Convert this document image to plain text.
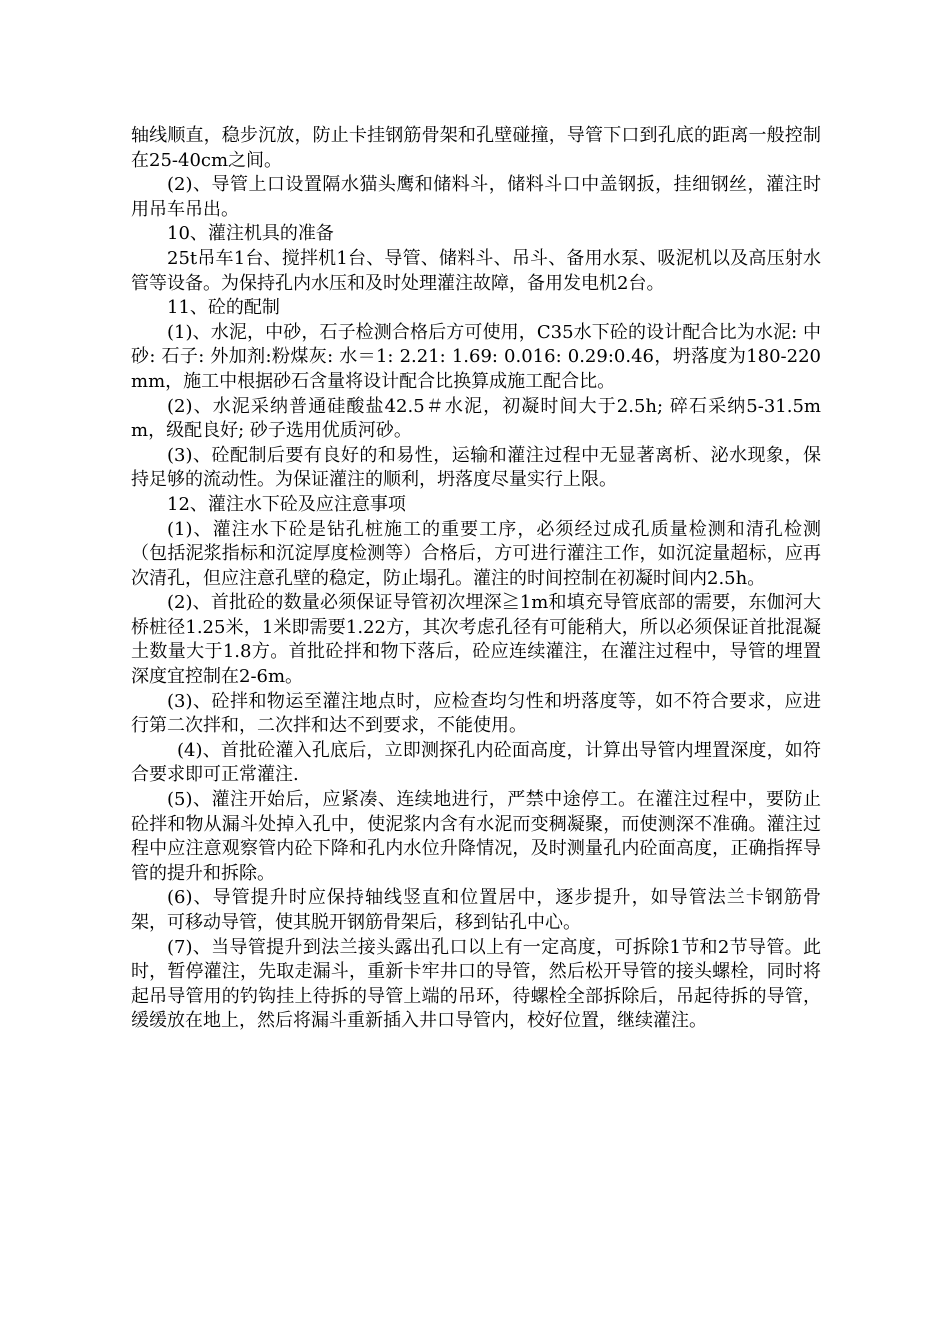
轴线顺直，稳步沉放，防止卡挂钢筋骨架和孔壁碰撞，导管下口到孔底的距离一般控制在25-40cm之间。

(2)、导管上口设置隔水猫头鹰和储料斗，储料斗口中盖钢扳，挂细钢丝，灌注时用吊车吊出。

10、灌注机具的准备

25t吊车1台、搅拌机1台、导管、储料斗、吊斗、备用水泵、吸泥机以及高压射水管等设备。为保持孔内水压和及时处理灌注故障，备用发电机2台。

11、砼的配制

(1)、水泥，中砂，石子检测合格后方可使用，C35水下砼的设计配合比为水泥: 中砂: 石子: 外加剂:粉煤灰: 水＝1: 2.21: 1.69: 0.016: 0.29:0.46，坍落度为180-220mm，施工中根据砂石含量将设计配合比换算成施工配合比。

(2)、水泥采纳普通硅酸盐42.5＃水泥，初凝时间大于2.5h; 碎石采纳5-31.5mm，级配良好; 砂子选用优质河砂。

(3)、砼配制后要有良好的和易性，运输和灌注过程中无显著离析、泌水现象，保持足够的流动性。为保证灌注的顺利，坍落度尽量实行上限。

12、灌注水下砼及应注意事项

(1)、灌注水下砼是钻孔桩施工的重要工序，必须经过成孔质量检测和清孔检测（包括泥浆指标和沉淀厚度检测等）合格后，方可进行灌注工作，如沉淀量超标，应再次清孔，但应注意孔壁的稳定，防止塌孔。灌注的时间控制在初凝时间内2.5h。

(2)、首批砼的数量必须保证导管初次埋深≧1m和填充导管底部的需要，东伽河大桥桩径1.25米，1米即需要1.22方，其次考虑孔径有可能稍大，所以必须保证首批混凝土数量大于1.8方。首批砼拌和物下落后，砼应连续灌注，在灌注过程中，导管的埋置深度宜控制在2-6m。

(3)、砼拌和物运至灌注地点时，应检查均匀性和坍落度等，如不符合要求，应进行第二次拌和，二次拌和达不到要求，不能使用。

(4)、首批砼灌入孔底后，立即测探孔内砼面高度，计算出导管内埋置深度，如符合要求即可正常灌注.

(5)、灌注开始后，应紧凑、连续地进行，严禁中途停工。在灌注过程中，要防止砼拌和物从漏斗处掉入孔中，使泥浆内含有水泥而变稠凝聚，而使测深不准确。灌注过程中应注意观察管内砼下降和孔内水位升降情况，及时测量孔内砼面高度，正确指挥导管的提升和拆除。

(6)、导管提升时应保持轴线竖直和位置居中，逐步提升，如导管法兰卡钢筋骨架，可移动导管，使其脱开钢筋骨架后，移到钻孔中心。

(7)、当导管提升到法兰接头露出孔口以上有一定高度，可拆除1节和2节导管。此时，暂停灌注，先取走漏斗，重新卡牢井口的导管，然后松开导管的接头螺栓，同时将起吊导管用的钓钩挂上待拆的导管上端的吊环，待螺栓全部拆除后，吊起待拆的导管，缓缓放在地上，然后将漏斗重新插入井口导管内，校好位置，继续灌注。
